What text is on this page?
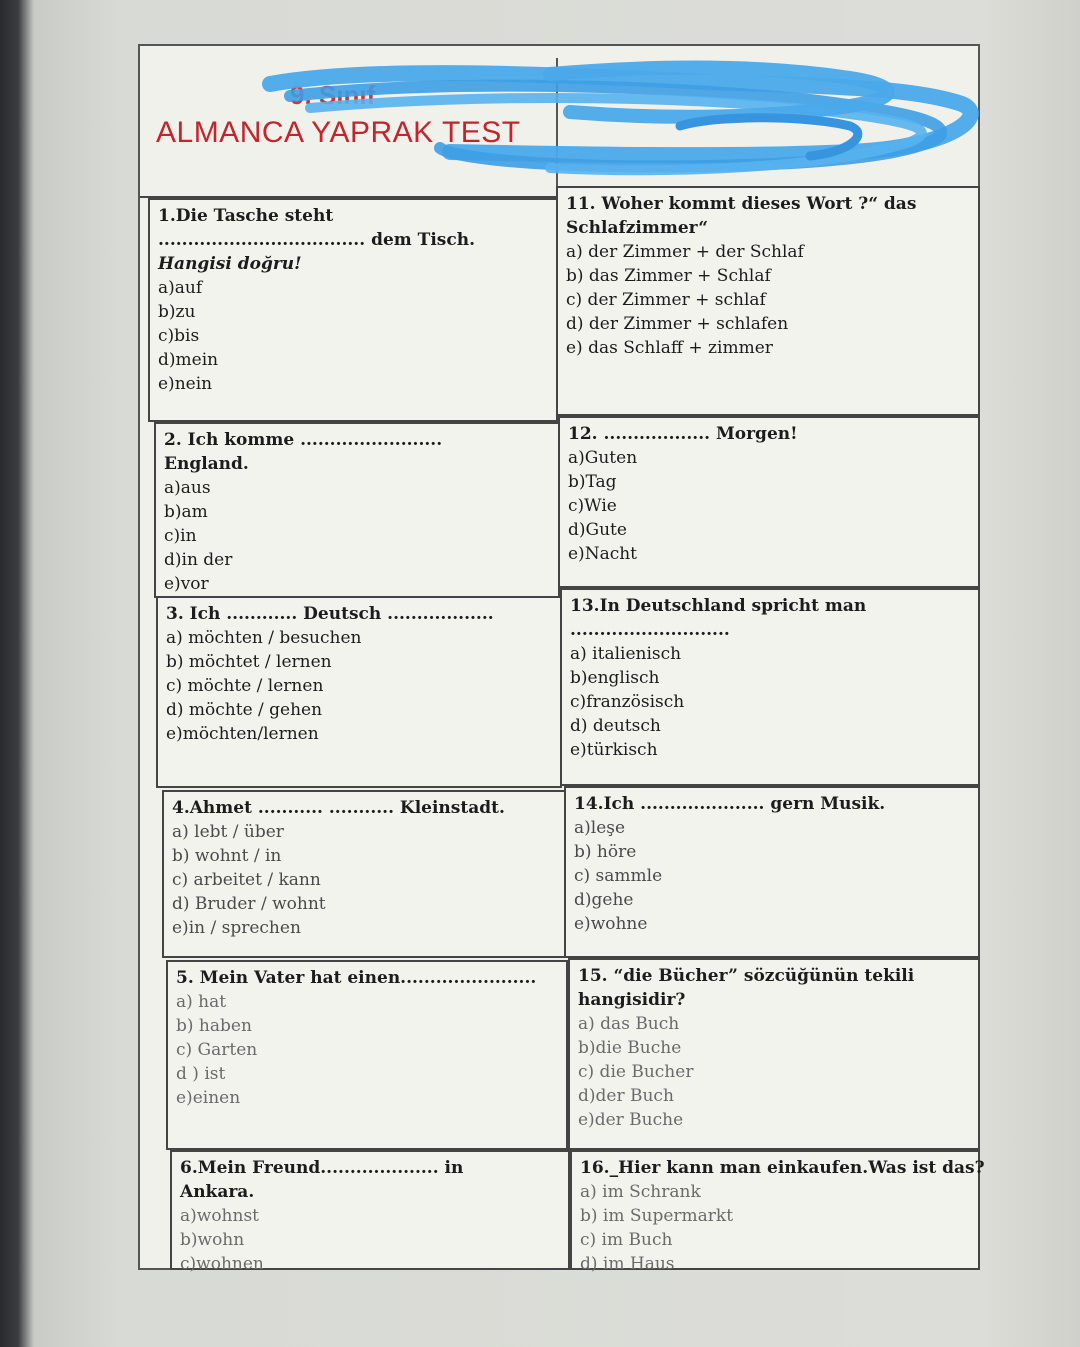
9. Sınıf
ALMANCA YAPRAK TEST
1.Die Tasche steht
................................... dem Tisch.
Hangisi doğru!
a)auf
b)zu
c)bis
d)mein
e)nein
2. Ich komme ........................
England.
a)aus
b)am
c)in
d)in der
e)vor
3. Ich ............ Deutsch ..................
a) möchten / besuchen
b) möchtet / lernen
c) möchte / lernen
d) möchte / gehen
e)möchten/lernen
4.Ahmet ........... ........... Kleinstadt.
a) lebt / über
b) wohnt / in
c) arbeitet / kann
d) Bruder / wohnt
e)in / sprechen
5. Mein Vater hat einen.......................
a) hat
b) haben
c) Garten
d ) ist
e)einen
6.Mein Freund.................... in
Ankara.
a)wohnst
b)wohn
c)wohnen
11. Woher kommt dieses Wort ?“ das
Schlafzimmer“
a) der Zimmer + der Schlaf
b) das Zimmer + Schlaf
c) der Zimmer + schlaf
d) der Zimmer + schlafen
e) das Schlaff + zimmer
12. .................. Morgen!
a)Guten
b)Tag
c)Wie
d)Gute
e)Nacht
13.In Deutschland spricht man
...........................
a) italienisch
b)englisch
c)französisch
d) deutsch
e)türkisch
14.Ich ..................... gern Musik.
a)leşe
b) höre
c) sammle
d)gehe
e)wohne
15. “die Bücher” sözcüğünün tekili
hangisidir?
a) das Buch
b)die Buche
c) die Bucher
d)der Buch
e)der Buche
16._Hier kann man einkaufen.Was ist das?
a) im Schrank
b) im Supermarkt
c) im Buch
d) im Haus
